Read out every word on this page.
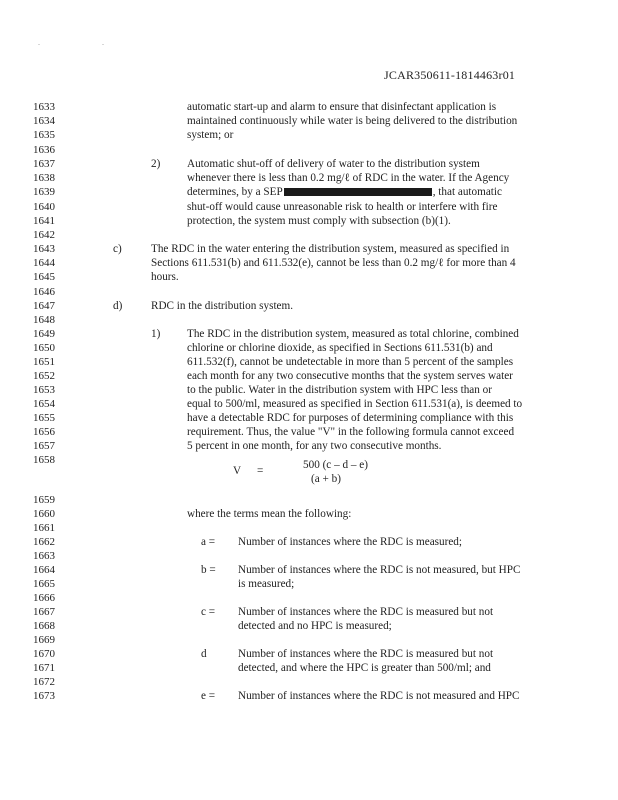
. .
JCAR350611-1814463r01
1633	automatic start-up and alarm to ensure that disinfectant application is
1634	maintained continuously while water is being delivered to the distribution
1635	system; or
1636
1637	2) Automatic shut-off of delivery of water to the distribution system
1638	whenever there is less than 0.2 mg/ℓ of RDC in the water. If the Agency
1639	determines, by a SEP	, that automatic
1640	shut-off would cause unreasonable risk to health or interfere with fire
1641	protection, the system must comply with subsection (b)(1).
1642
1643	c)	The RDC in the water entering the distribution system, measured as specified in
1644	Sections 611.531(b) and 611.532(e), cannot be less than 0.2 mg/ℓ for more than 4
1645	hours.
1646
1647	d)	RDC in the distribution system.
1648
1649	1) The RDC in the distribution system, measured as total chlorine, combined
1650	chlorine or chlorine dioxide, as specified in Sections 611.531(b) and
1651	611.532(f), cannot be undetectable in more than 5 percent of the samples
1652	each month for any two consecutive months that the system serves water
1653	to the public. Water in the distribution system with HPC less than or
1654	equal to 500/ml, measured as specified in Section 611.531(a), is deemed to
1655	have a detectable RDC for purposes of determining compliance with this
1656	requirement. Thus, the value "V" in the following formula cannot exceed
1657	5 percent in one month, for any two consecutive months.
1658
1659
1660	where the terms mean the following:
1661
1662	a = Number of instances where the RDC is measured;
1663
1664	b = Number of instances where the RDC is not measured, but HPC
1665	is measured;
1666
1667	c = Number of instances where the RDC is measured but not
1668	detected and no HPC is measured;
1669
1670	d	Number of instances where the RDC is measured but not
1671	detected, and where the HPC is greater than 500/ml; and
1672
1673	e = Number of instances where the RDC is not measured and HPC
V =	500 (c – d – e)
(a + b)
